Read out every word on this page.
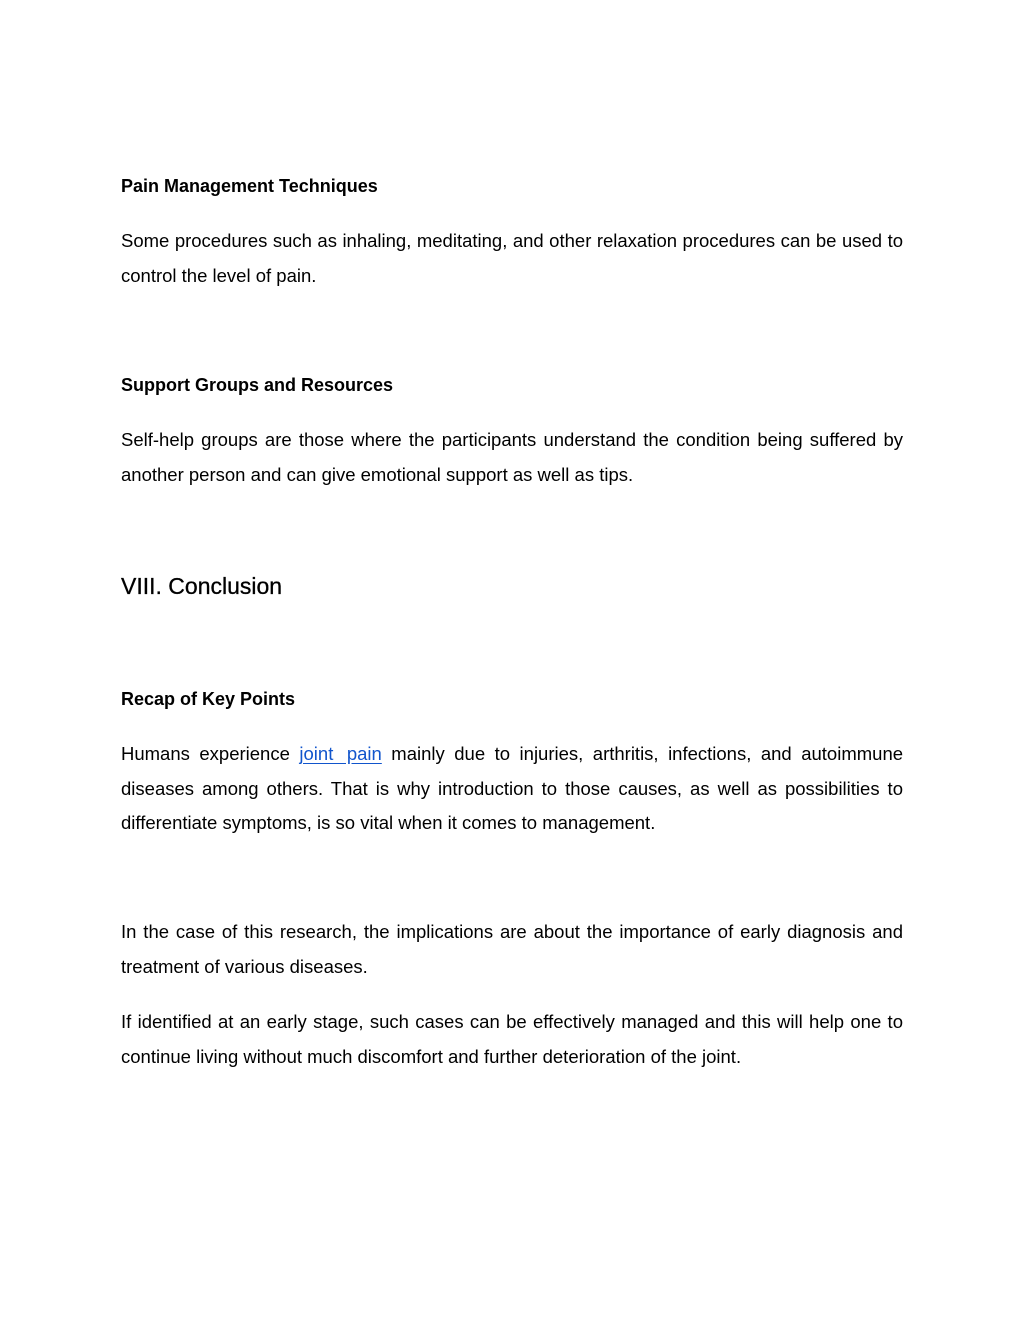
Pain Management Techniques

Some procedures such as inhaling, meditating, and other relaxation procedures can be used to control the level of pain.

Support Groups and Resources

Self-help groups are those where the participants understand the condition being suffered by another person and can give emotional support as well as tips.

VIII. Conclusion
Recap of Key Points

Humans experience joint pain mainly due to injuries, arthritis, infections, and autoimmune diseases among others. That is why introduction to those causes, as well as possibilities to differentiate symptoms, is so vital when it comes to management.

In the case of this research, the implications are about the importance of early diagnosis and treatment of various diseases.

If identified at an early stage, such cases can be effectively managed and this will help one to continue living without much discomfort and further deterioration of the joint.
